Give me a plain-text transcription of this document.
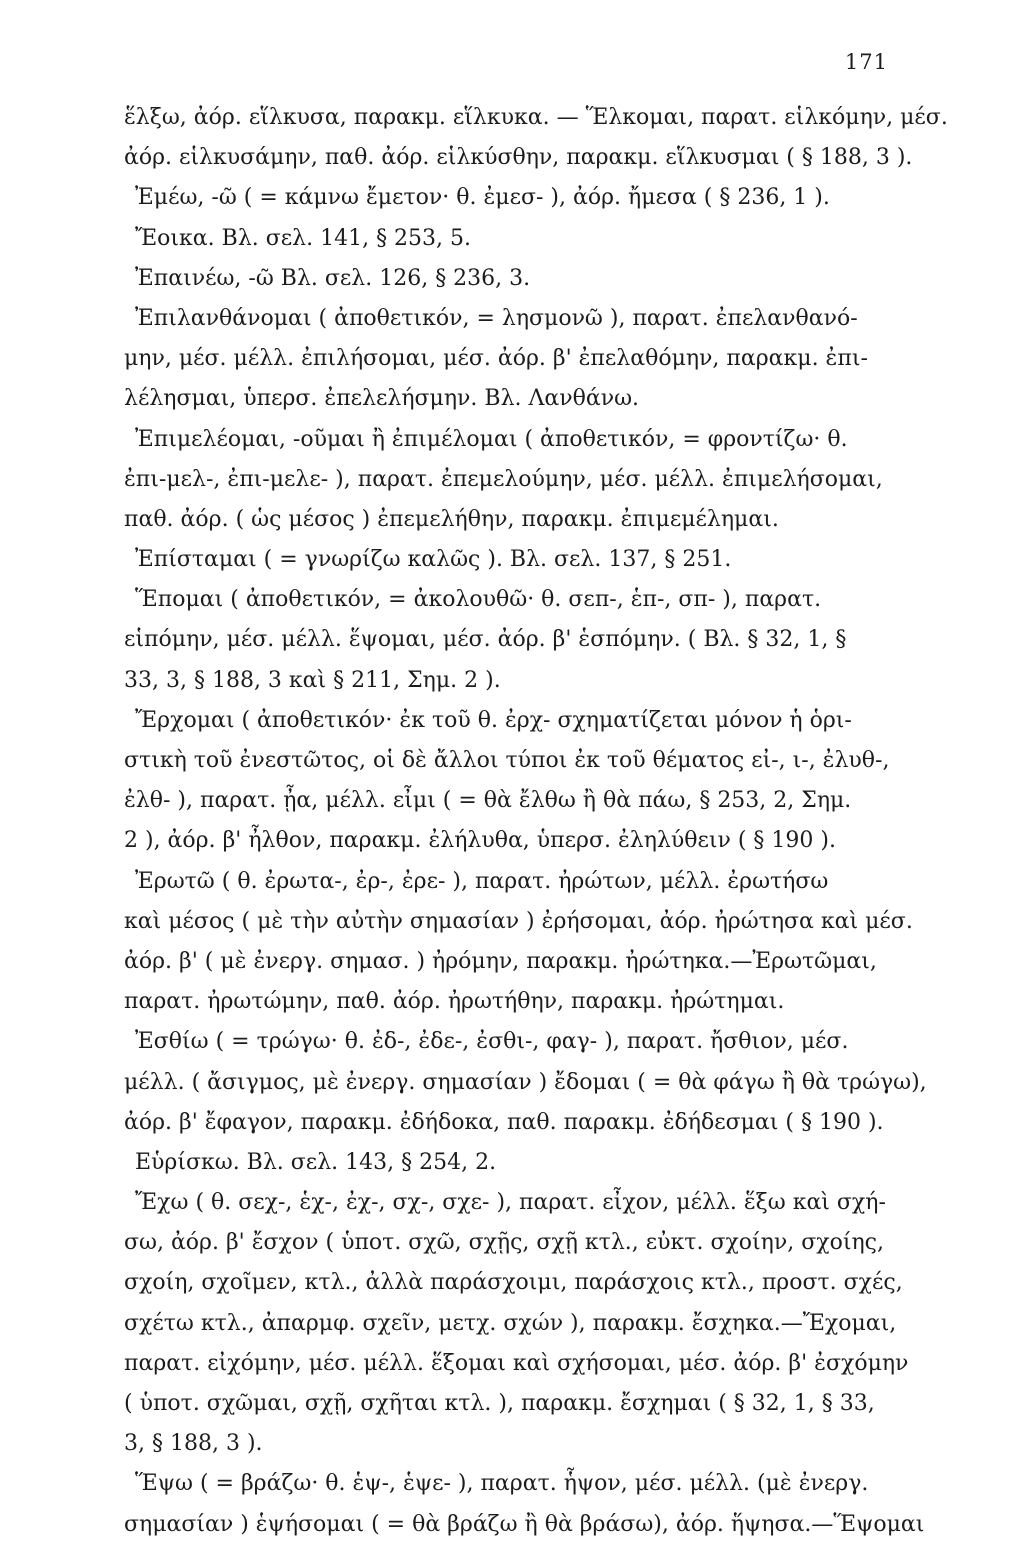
171
ἕλξω, ἀόρ. εἵλκυσα, παρακμ. εἵλκυκα. — Ἕλκομαι, παρατ. εἱλκόμην, μέσ.
ἀόρ. εἱλκυσάμην, παθ. ἀόρ. εἱλκύσθην, παρακμ. εἵλκυσμαι ( § 188, 3 ).
Ἐμέω, -ῶ ( = κάμνω ἔμετον· θ. ἐμεσ- ), ἀόρ. ἤμεσα ( § 236, 1 ).
Ἔοικα. Βλ. σελ. 141, § 253, 5.
Ἐπαινέω, -ῶ Βλ. σελ. 126, § 236, 3.
Ἐπιλανθάνομαι ( ἀποθετικόν, = λησμονῶ ), παρατ. ἐπελανθανό-
μην, μέσ. μέλλ. ἐπιλήσομαι, μέσ. ἀόρ. β' ἐπελαθόμην, παρακμ. ἐπι-
λέλησμαι, ὑπερσ. ἐπελελήσμην. Βλ. Λανθάνω.
Ἐπιμελέομαι, -οῦμαι ἢ ἐπιμέλομαι ( ἀποθετικόν, = φροντίζω· θ.
ἐπι-μελ-, ἐπι-μελε- ), παρατ. ἐπεμελούμην, μέσ. μέλλ. ἐπιμελήσομαι,
παθ. ἀόρ. ( ὡς μέσος ) ἐπεμελήθην, παρακμ. ἐπιμεμέλημαι.
Ἐπίσταμαι ( = γνωρίζω καλῶς ). Βλ. σελ. 137, § 251.
Ἕπομαι ( ἀποθετικόν, = ἀκολουθῶ· θ. σεπ-, ἑπ-, σπ- ), παρατ.
εἱπόμην, μέσ. μέλλ. ἕψομαι, μέσ. ἀόρ. β' ἑσπόμην. ( Βλ. § 32, 1, §
33, 3, § 188, 3 καὶ § 211, Σημ. 2 ).
Ἔρχομαι ( ἀποθετικόν· ἐκ τοῦ θ. ἐρχ- σχηματίζεται μόνον ἡ ὁρι-
στικὴ τοῦ ἐνεστῶτος, οἱ δὲ ἄλλοι τύποι ἐκ τοῦ θέματος εἰ-, ι-, ἐλυθ-,
ἐλθ- ), παρατ. ᾖα, μέλλ. εἶμι ( = θὰ ἔλθω ἢ θὰ πάω, § 253, 2, Σημ.
2 ), ἀόρ. β' ἦλθον, παρακμ. ἐλήλυθα, ὑπερσ. ἐληλύθειν ( § 190 ).
Ἐρωτῶ ( θ. ἐρωτα-, ἐρ-, ἐρε- ), παρατ. ἠρώτων, μέλλ. ἐρωτήσω
καὶ μέσος ( μὲ τὴν αὐτὴν σημασίαν ) ἐρήσομαι, ἀόρ. ἠρώτησα καὶ μέσ.
ἀόρ. β' ( μὲ ἐνεργ. σημασ. ) ἠρόμην, παρακμ. ἠρώτηκα.—Ἐρωτῶμαι,
παρατ. ἠρωτώμην, παθ. ἀόρ. ἠρωτήθην, παρακμ. ἠρώτημαι.
Ἐσθίω ( = τρώγω· θ. ἐδ-, ἐδε-, ἐσθι-, φαγ- ), παρατ. ἤσθιον, μέσ.
μέλλ. ( ἄσιγμος, μὲ ἐνεργ. σημασίαν ) ἔδομαι ( = θὰ φάγω ἢ θὰ τρώγω),
ἀόρ. β' ἔφαγον, παρακμ. ἐδήδοκα, παθ. παρακμ. ἐδήδεσμαι ( § 190 ).
Εὑρίσκω. Βλ. σελ. 143, § 254, 2.
Ἔχω ( θ. σεχ-, ἑχ-, ἐχ-, σχ-, σχε- ), παρατ. εἶχον, μέλλ. ἕξω καὶ σχή-
σω, ἀόρ. β' ἔσχον ( ὑποτ. σχῶ, σχῇς, σχῇ κτλ., εὐκτ. σχοίην, σχοίης,
σχοίη, σχοῖμεν, κτλ., ἀλλὰ παράσχοιμι, παράσχοις κτλ., προστ. σχές,
σχέτω κτλ., ἀπαρμφ. σχεῖν, μετχ. σχών ), παρακμ. ἔσχηκα.—Ἔχομαι,
παρατ. εἰχόμην, μέσ. μέλλ. ἕξομαι καὶ σχήσομαι, μέσ. ἀόρ. β' ἐσχόμην
( ὑποτ. σχῶμαι, σχῇ, σχῆται κτλ. ), παρακμ. ἔσχημαι ( § 32, 1, § 33,
3, § 188, 3 ).
Ἕψω ( = βράζω· θ. ἑψ-, ἑψε- ), παρατ. ἧψον, μέσ. μέλλ. (μὲ ἐνεργ.
σημασίαν ) ἑψήσομαι ( = θὰ βράζω ἢ θὰ βράσω), ἀόρ. ἥψησα.—Ἕψομαι
